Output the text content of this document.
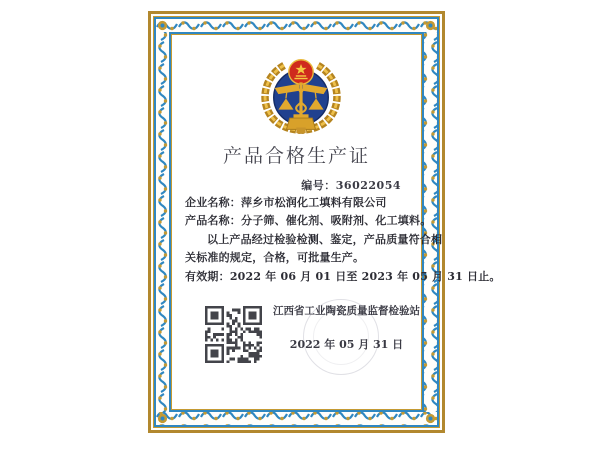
产品合格生产证
编号：36022054
企业名称：萍乡市松润化工填料有限公司
产品名称：分子筛、催化剂、吸附剂、化工填料。
以上产品经过检验检测、鉴定，产品质量符合相
关标准的规定，合格，可批量生产。
有效期：2022 年 06 月 01 日至 2023 年 05 月 31 日止。
江西省工业陶瓷质量监督检验站
2022 年 05 月 31 日
